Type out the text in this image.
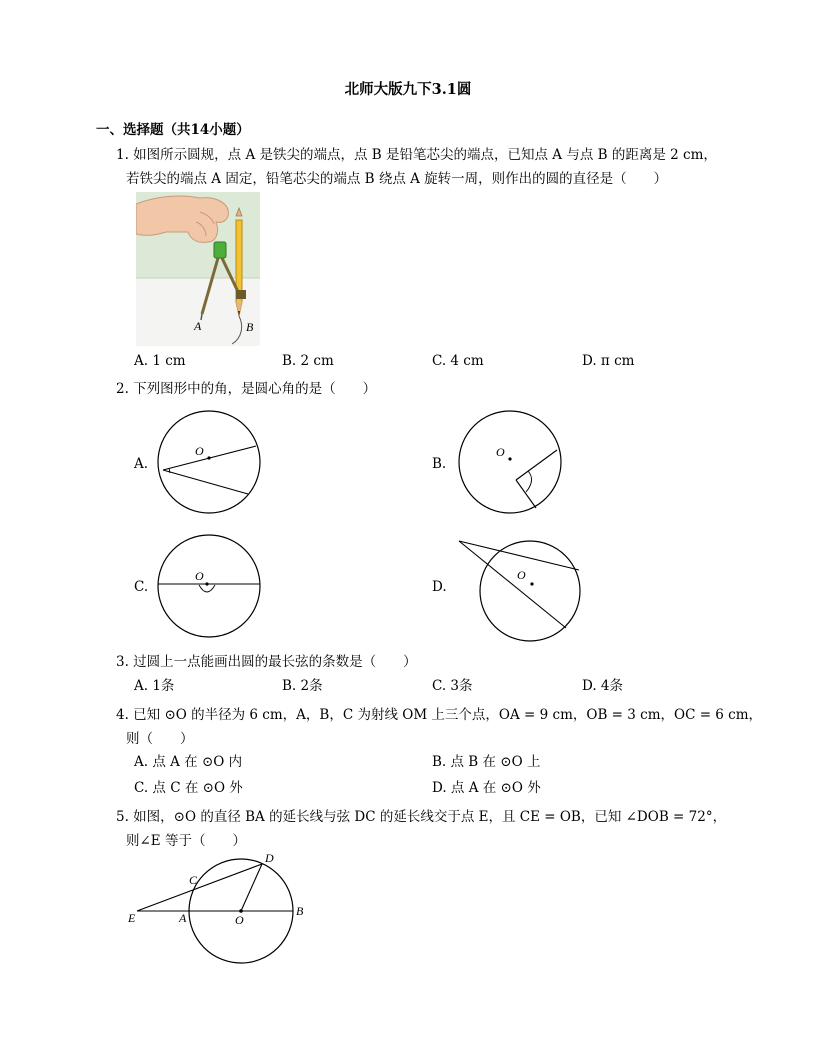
北师大版九下3.1圆
一、选择题（共14小题）
1. 如图所示圆规，点 A 是铁尖的端点，点 B 是铅笔芯尖的端点，已知点 A 与点 B 的距离是 2 cm，
若铁尖的端点 A 固定，铅笔芯尖的端点 B 绕点 A 旋转一周，则作出的圆的直径是（　　）
A	B
A. 1 cm	B. 2 cm	C. 4 cm	D. π cm
2. 下列图形中的角，是圆心角的是（　　）
A.
O
B.
O
C.
O
D.
O
3. 过圆上一点能画出圆的最长弦的条数是（　　）
A. 1条	B. 2条	C. 3条	D. 4条
4. 已知 ⊙O 的半径为 6 cm，A，B，C 为射线 OM 上三个点，OA = 9 cm，OB = 3 cm，OC = 6 cm，
则（　　）
A. 点 A 在 ⊙O 内	B. 点 B 在 ⊙O 上
C. 点 C 在 ⊙O 外	D. 点 A 在 ⊙O 外
5. 如图，⊙O 的直径 BA 的延长线与弦 DC 的延长线交于点 E，且 CE = OB，已知 ∠DOB = 72°，
则∠E 等于（　　）
D
C
E	A	O
B
